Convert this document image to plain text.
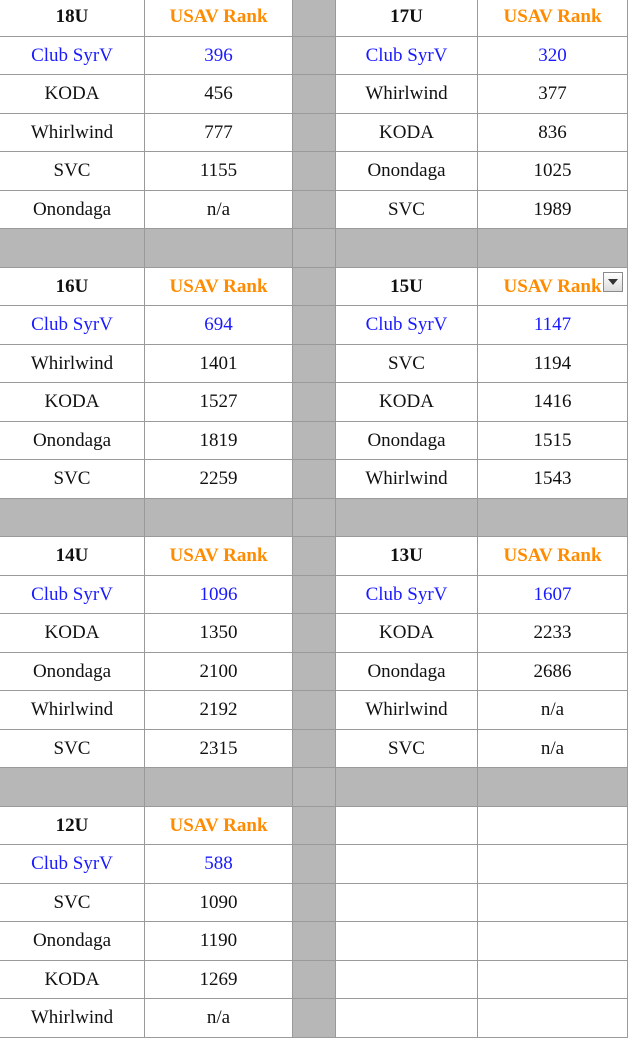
18U	USAV Rank	17U	USAV Rank
Club SyrV	396	Club SyrV	320
KODA	456	Whirlwind	377
Whirlwind	777	KODA	836
SVC	1155	Onondaga	1025
Onondaga	n/a	SVC	1989
16U	USAV Rank	15U	USAV Rank
Club SyrV	694	Club SyrV	1147
Whirlwind	1401	SVC	1194
KODA	1527	KODA	1416
Onondaga	1819	Onondaga	1515
SVC	2259	Whirlwind	1543
14U	USAV Rank	13U	USAV Rank
Club SyrV	1096	Club SyrV	1607
KODA	1350	KODA	2233
Onondaga	2100	Onondaga	2686
Whirlwind	2192	Whirlwind	n/a
SVC	2315	SVC	n/a
12U	USAV Rank
Club SyrV	588
SVC	1090
Onondaga	1190
KODA	1269
Whirlwind	n/a
